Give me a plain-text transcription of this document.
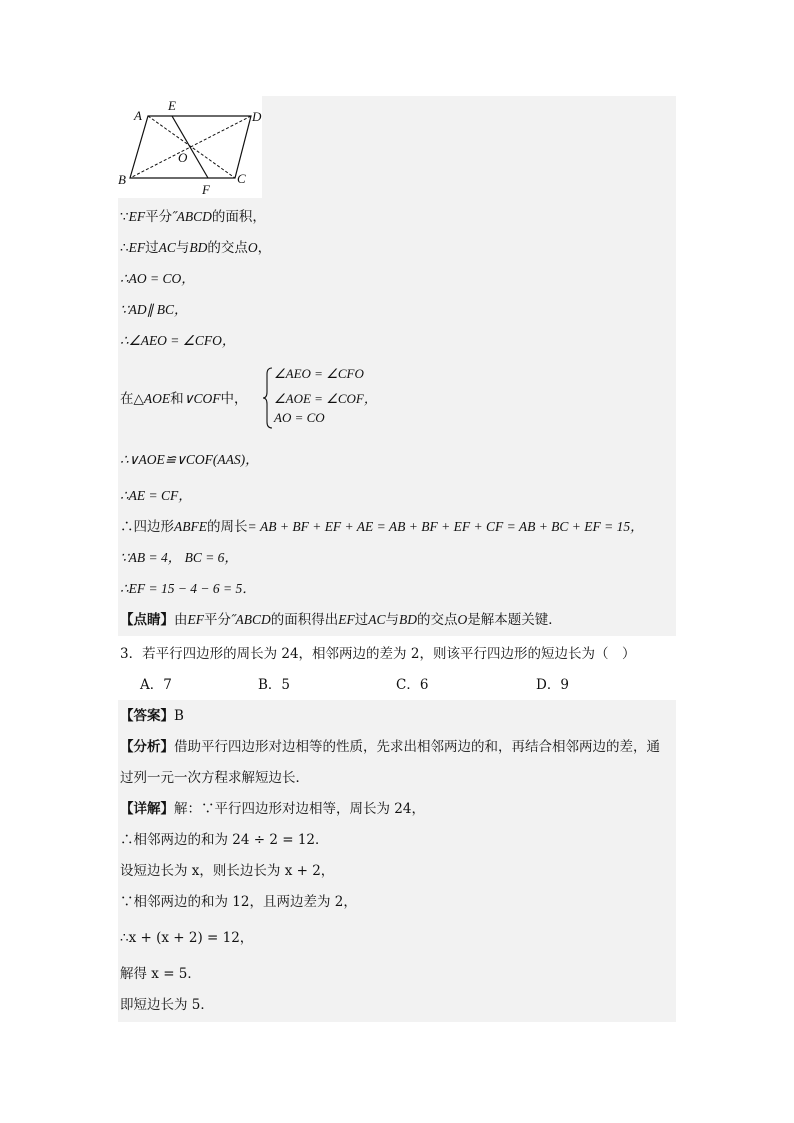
A
E
D
O
B
F
C
∵EF平分˝ABCD的面积，
∴EF过AC与BD的交点O，
∴AO = CO，
∵AD∥ BC，
∴∠AEO = ∠CFO，
在△AOE和∨COF中，
∠AEO = ∠CFO
∠AOE = ∠COF，
AO = CO
∴∨AOE≌∨COF(AAS)，
∴AE = CF，
∴四边形ABFE的周长= AB + BF + EF + AE = AB + BF + EF + CF = AB + BC + EF = 15，
∵AB = 4， BC = 6，
∴EF = 15 − 4 − 6 = 5．
【点睛】由EF平分˝ABCD的面积得出EF过AC与BD的交点O是解本题关键．
3．若平行四边形的周长为 24，相邻两边的差为 2，则该平行四边形的短边长为（　）
A．7	B．5	C．6	D．9
【答案】B
【分析】借助平行四边形对边相等的性质，先求出相邻两边的和，再结合相邻两边的差，通
过列一元一次方程求解短边长．
【详解】解：∵平行四边形对边相等，周长为 24，
∴相邻两边的和为 24 ÷ 2 = 12．
设短边长为 x，则长边长为 x + 2，
∵相邻两边的和为 12，且两边差为 2，
∴x + (x + 2) = 12，
解得 x = 5．
即短边长为 5．
